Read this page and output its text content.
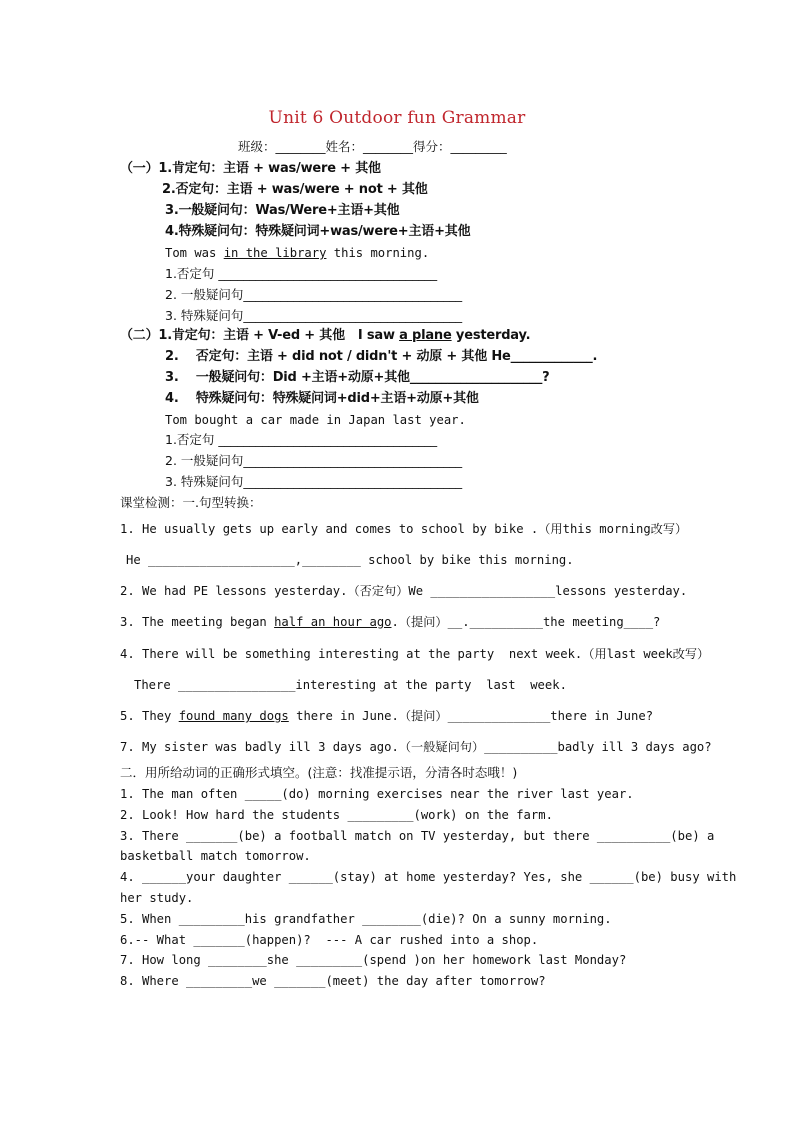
Unit 6 Outdoor fun Grammar
班级：________姓名：________得分：_________
（一）1.肯定句：主语 + was/were + 其他
2.否定句：主语 + was/were + not + 其他
3.一般疑问句：Was/Were+主语+其他
4.特殊疑问句：特殊疑问词+was/were+主语+其他
Tom was in the library this morning.
1.否定句 ___________________________________
2. 一般疑问句___________________________________
3. 特殊疑问句___________________________________
（二）1.肯定句：主语 + V-ed + 其他   I saw a plane yesterday.
2.    否定句：主语 + did not / didn't + 动原 + 其他 He_____________.
3.    一般疑问句：Did +主语+动原+其他_____________________?
4.    特殊疑问句：特殊疑问词+did+主语+动原+其他
Tom bought a car made in Japan last year.
1.否定句 ___________________________________
2. 一般疑问句___________________________________
3. 特殊疑问句___________________________________
课堂检测：一.句型转换：
1. He usually gets up early and comes to school by bike .（用this morning改写）
He ____________________,________ school by bike this morning.
2. We had PE lessons yesterday.（否定句）We _________________lessons yesterday.
3. The meeting began half an hour ago.（提问）__.__________the meeting____?
4. There will be something interesting at the party  next week.（用last week改写）
There ________________interesting at the party  last  week.
5. They found many dogs there in June.（提问）______________there in June?
7. My sister was badly ill 3 days ago.（一般疑问句）__________badly ill 3 days ago?
二．用所给动词的正确形式填空。(注意：找准提示语，分清各时态哦！)
1. The man often _____(do) morning exercises near the river last year.
2. Look! How hard the students _________(work) on the farm.
3. There _______(be) a football match on TV yesterday, but there __________(be) a
basketball match tomorrow.
4. ______your daughter ______(stay) at home yesterday? Yes, she ______(be) busy with
her study.
5. When _________his grandfather ________(die)? On a sunny morning.
6.-- What _______(happen)?  --- A car rushed into a shop.
7. How long ________she _________(spend )on her homework last Monday?
8. Where _________we _______(meet) the day after tomorrow?
